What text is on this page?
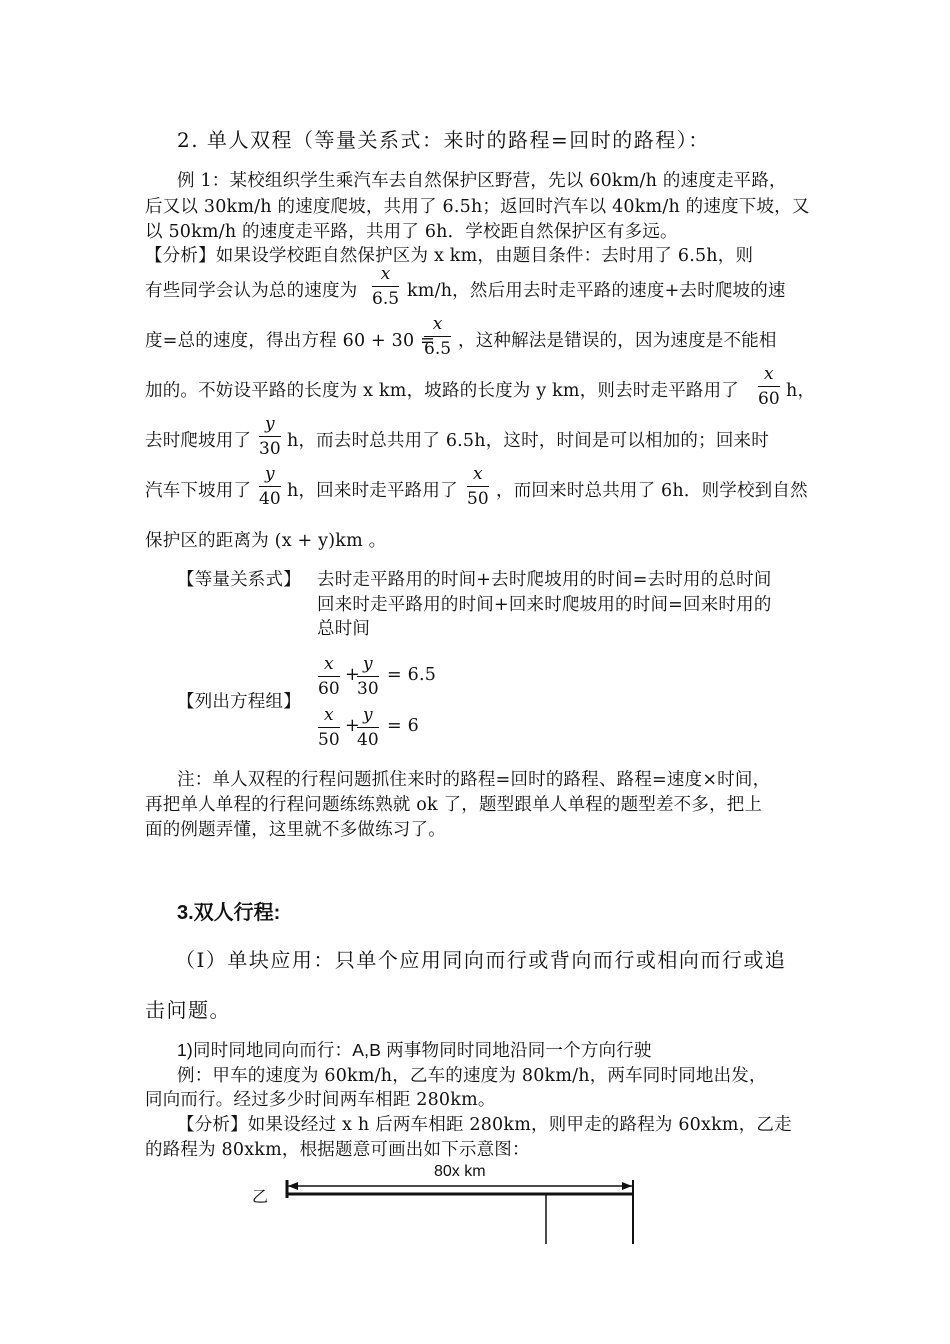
2. 单人双程（等量关系式：来时的路程=回时的路程）：
例 1：某校组织学生乘汽车去自然保护区野营，先以 60km/h 的速度走平路，
后又以 30km/h 的速度爬坡，共用了 6.5h；返回时汽车以 40km/h 的速度下坡，又
以 50km/h 的速度走平路，共用了 6h．学校距自然保护区有多远。
【分析】如果设学校距自然保护区为 x km，由题目条件：去时用了 6.5h，则
有些同学会认为总的速度为
x
6.5 km/h，然后用去时走平路的速度+去时爬坡的速
度=总的速度，得出方程 60 + 30 =
x
6.5 ，这种解法是错误的，因为速度是不能相
加的。不妨设平路的长度为 x km，坡路的长度为 y km，则去时走平路用了
x
60 h，
去时爬坡用了
y
30 h，而去时总共用了 6.5h，这时，时间是可以相加的；回来时
汽车下坡用了
y
40 h，回来时走平路用了
x
50 ，而回来时总共用了 6h．则学校到自然
保护区的距离为 (x + y)km 。
【等量关系式】 去时走平路用的时间+去时爬坡用的时间=去时用的总时间
回来时走平路用的时间+回来时爬坡用的时间=回来时用的
总时间
【列出方程组】
x
60
+
y
30
= 6.5
x
50
+
y
40
= 6
注：单人双程的行程问题抓住来时的路程=回时的路程、路程=速度×时间，
再把单人单程的行程问题练练熟就 ok 了，题型跟单人单程的题型差不多，把上
面的例题弄懂，这里就不多做练习了。
3.双人行程:
（Ⅰ）单块应用：只单个应用同向而行或背向而行或相向而行或追
击问题。
1)同时同地同向而行：A,B 两事物同时同地沿同一个方向行驶
例：甲车的速度为 60km/h，乙车的速度为 80km/h，两车同时同地出发，
同向而行。经过多少时间两车相距 280km。
【分析】如果设经过 x h 后两车相距 280km，则甲走的路程为 60xkm，乙走
的路程为 80xkm，根据题意可画出如下示意图：
80x km
乙
